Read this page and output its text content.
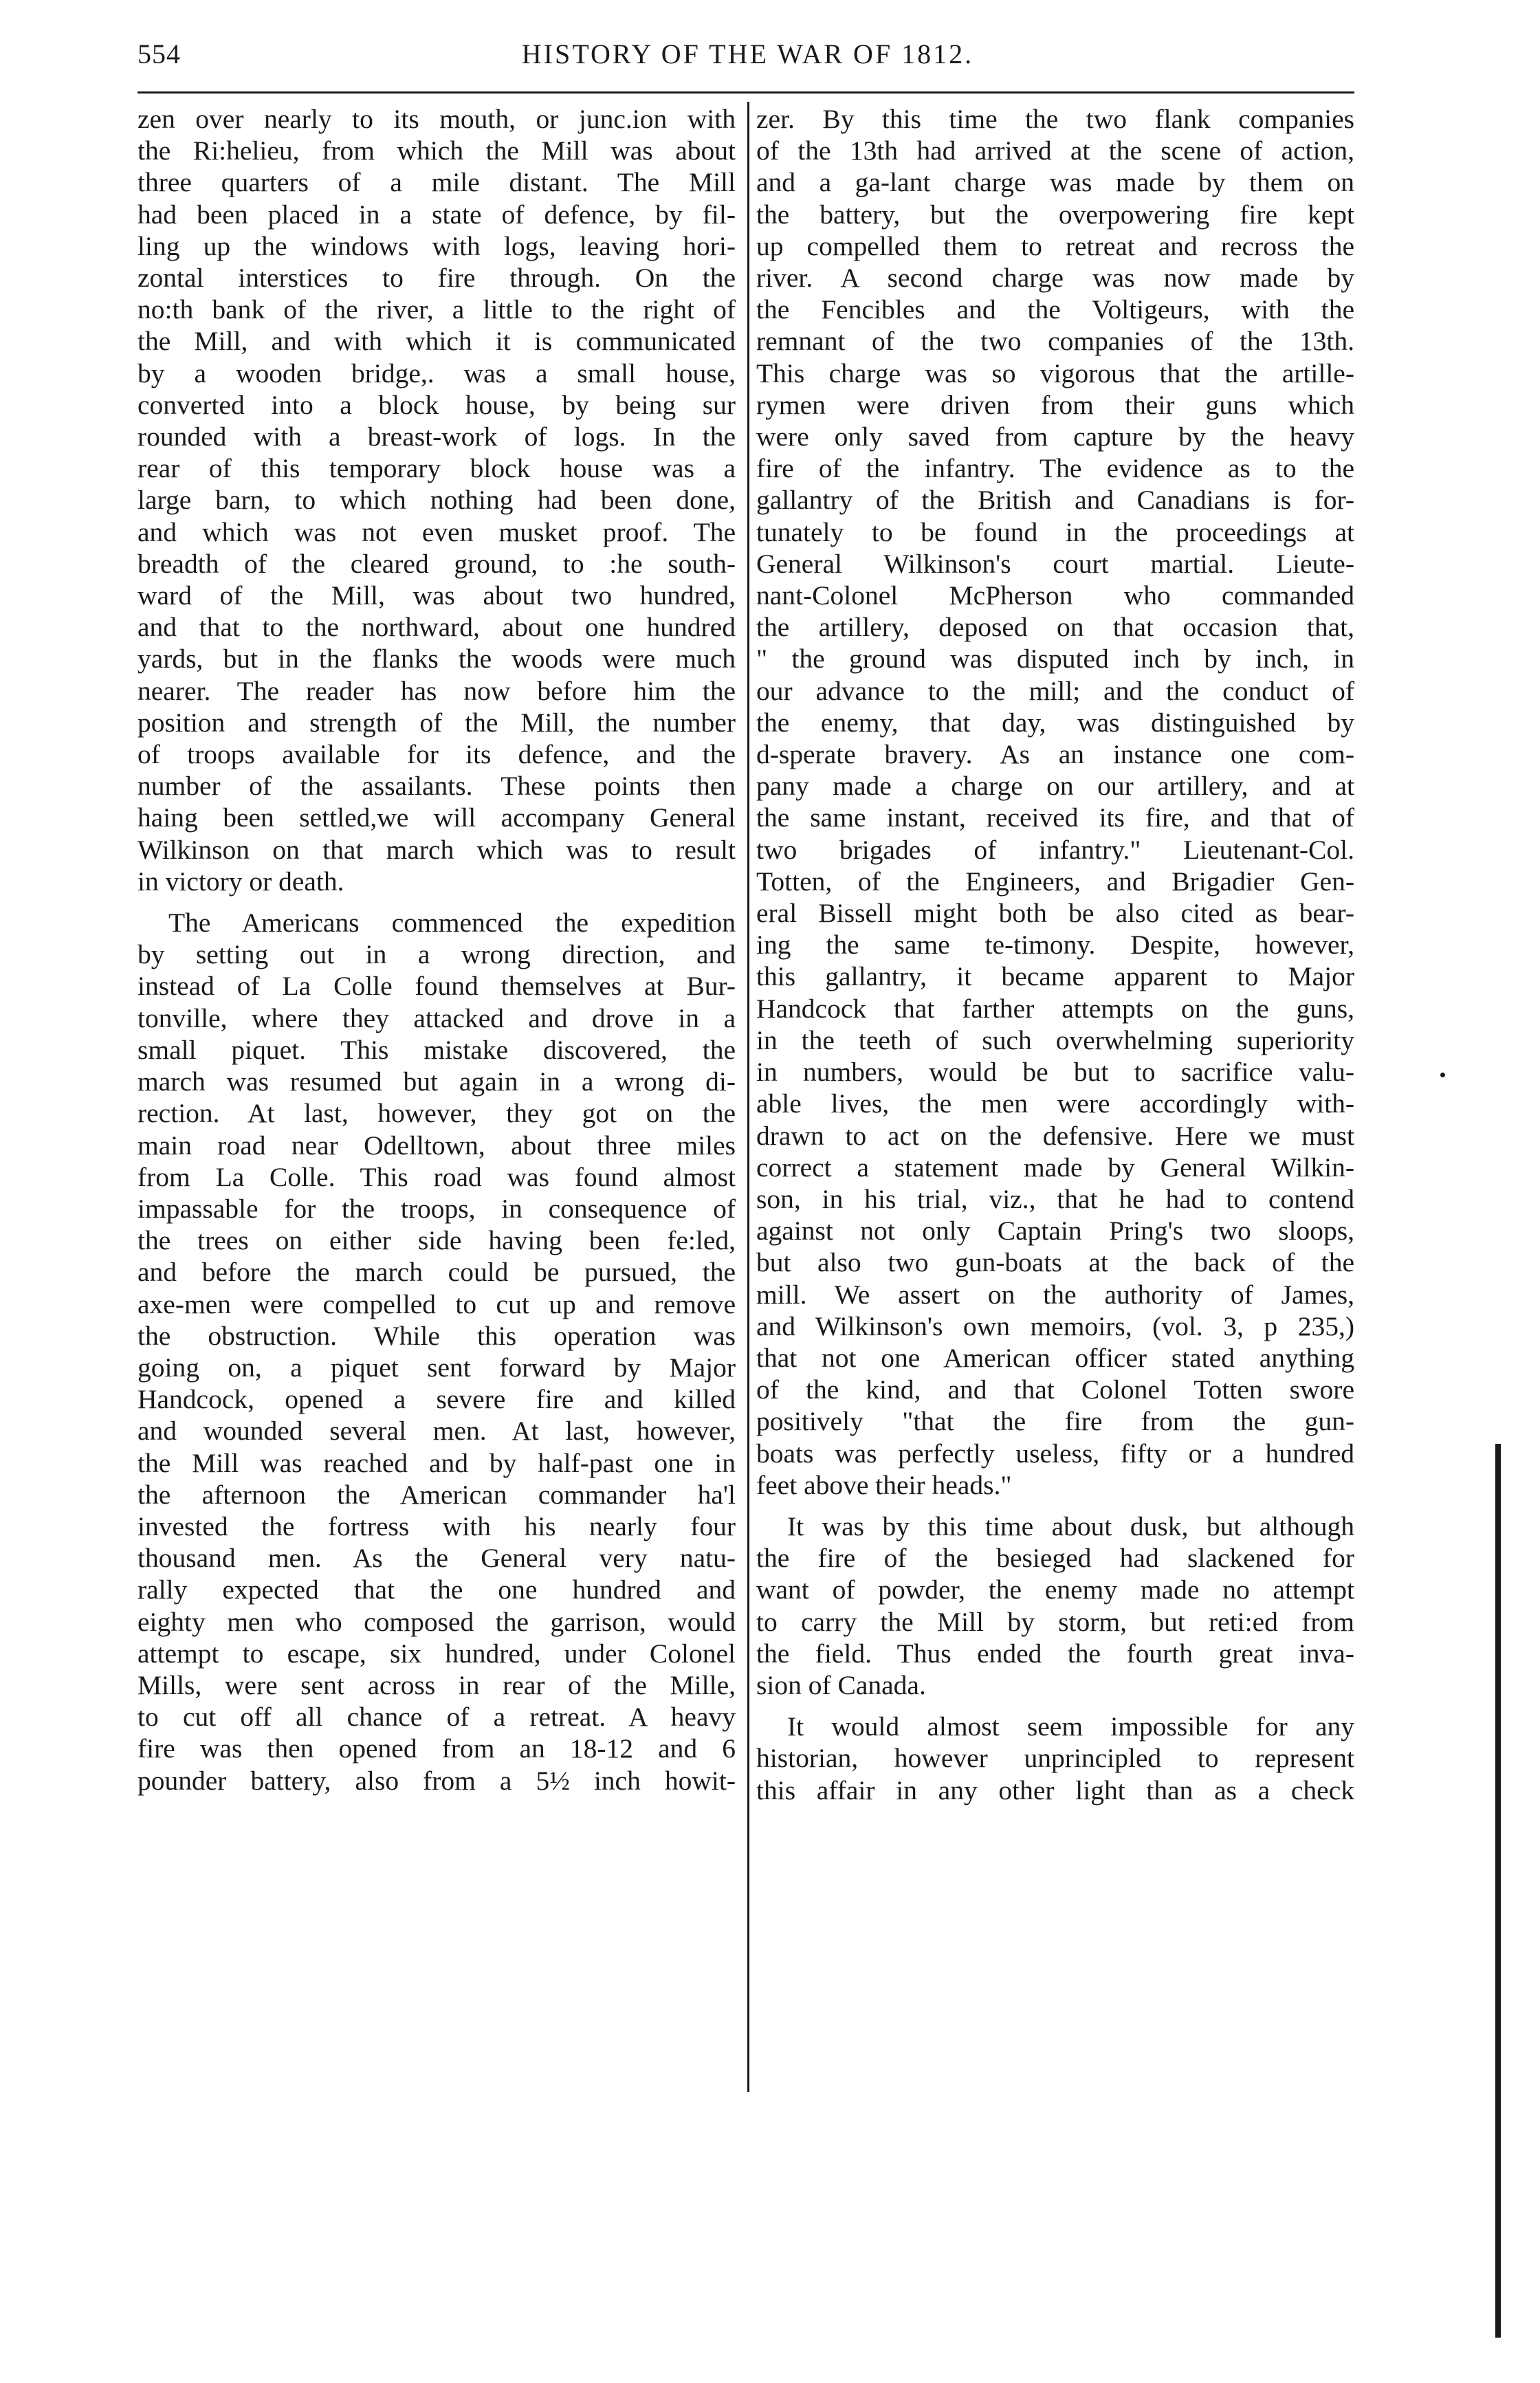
554	HISTORY OF THE WAR OF 1812.
zen over nearly to its mouth, or junc.ion with
the Ri:helieu, from which the Mill was about
three quarters of a mile distant. The Mill
had been placed in a state of defence, by fil-
ling up the windows with logs, leaving hori-
zontal interstices to fire through. On the
no:th bank of the river, a little to the right of
the Mill, and with which it is communicated
by a wooden bridge,. was a small house,
converted into a block house, by being sur
rounded with a breast-work of logs. In the
rear of this temporary block house was a
large barn, to which nothing had been done,
and which was not even musket proof. The
breadth of the cleared ground, to :he south-
ward of the Mill, was about two hundred,
and that to the northward, about one hundred
yards, but in the flanks the woods were much
nearer. The reader has now before him the
position and strength of the Mill, the number
of troops available for its defence, and the
number of the assailants. These points then
haing been settled,we will accompany General
Wilkinson on that march which was to result
in victory or death.
The Americans commenced the expedition
by setting out in a wrong direction, and
instead of La Colle found themselves at Bur-
tonville, where they attacked and drove in a
small piquet. This mistake discovered, the
march was resumed but again in a wrong di-
rection. At last, however, they got on the
main road near Odelltown, about three miles
from La Colle. This road was found almost
impassable for the troops, in consequence of
the trees on either side having been fe:led,
and before the march could be pursued, the
axe-men were compelled to cut up and remove
the obstruction. While this operation was
going on, a piquet sent forward by Major
Handcock, opened a severe fire and killed
and wounded several men. At last, however,
the Mill was reached and by half-past one in
the afternoon the American commander ha'l
invested the fortress with his nearly four
thousand men. As the General very natu-
rally expected that the one hundred and
eighty men who composed the garrison, would
attempt to escape, six hundred, under Colonel
Mills, were sent across in rear of the Mille,
to cut off all chance of a retreat. A heavy
fire was then opened from an 18-12 and 6
pounder battery, also from a 5½ inch howit-
zer. By this time the two flank companies
of the 13th had arrived at the scene of action,
and a ga-lant charge was made by them on
the battery, but the overpowering fire kept
up compelled them to retreat and recross the
river. A second charge was now made by
the Fencibles and the Voltigeurs, with the
remnant of the two companies of the 13th.
This charge was so vigorous that the artille-
rymen were driven from their guns which
were only saved from capture by the heavy
fire of the infantry. The evidence as to the
gallantry of the British and Canadians is for-
tunately to be found in the proceedings at
General Wilkinson's court martial. Lieute-
nant-Colonel McPherson who commanded
the artillery, deposed on that occasion that,
" the ground was disputed inch by inch, in
our advance to the mill; and the conduct of
the enemy, that day, was distinguished by
d-sperate bravery. As an instance one com-
pany made a charge on our artillery, and at
the same instant, received its fire, and that of
two brigades of infantry." Lieutenant-Col.
Totten, of the Engineers, and Brigadier Gen-
eral Bissell might both be also cited as bear-
ing the same te-timony. Despite, however,
this gallantry, it became apparent to Major
Handcock that farther attempts on the guns,
in the teeth of such overwhelming superiority
in numbers, would be but to sacrifice valu-
able lives, the men were accordingly with-
drawn to act on the defensive. Here we must
correct a statement made by General Wilkin-
son, in his trial, viz., that he had to contend
against not only Captain Pring's two sloops,
but also two gun-boats at the back of the
mill. We assert on the authority of James,
and Wilkinson's own memoirs, (vol. 3, p 235,)
that not one American officer stated anything
of the kind, and that Colonel Totten swore
positively "that the fire from the gun-
boats was perfectly useless, fifty or a hundred
feet above their heads."
It was by this time about dusk, but although
the fire of the besieged had slackened for
want of powder, the enemy made no attempt
to carry the Mill by storm, but reti:ed from
the field. Thus ended the fourth great inva-
sion of Canada.
It would almost seem impossible for any
historian, however unprincipled to represent
this affair in any other light than as a check
